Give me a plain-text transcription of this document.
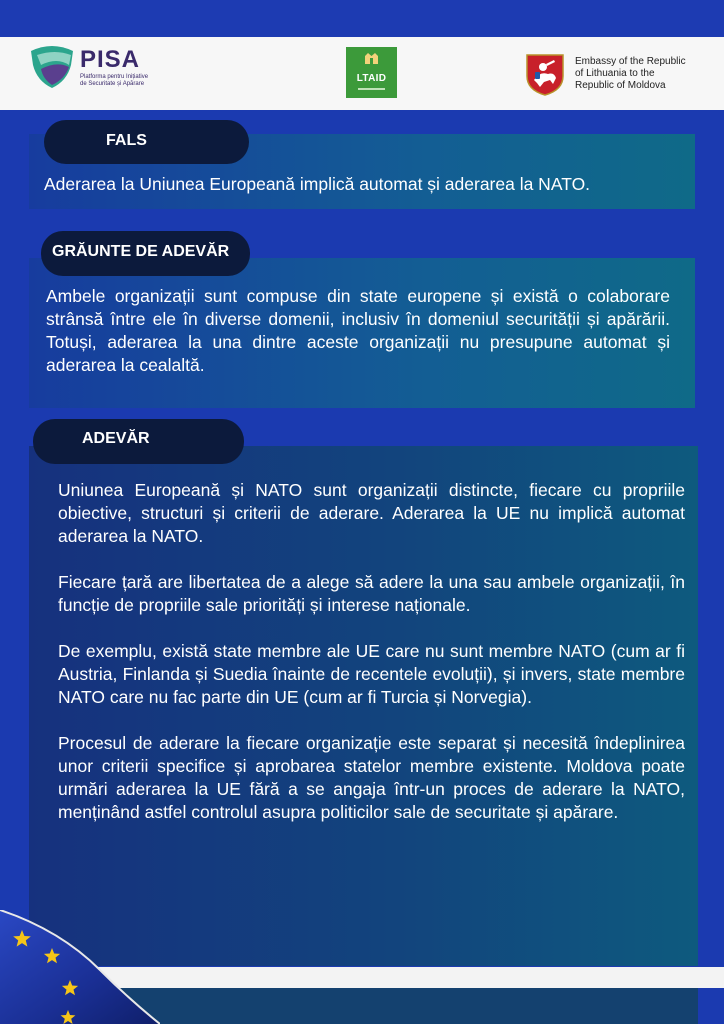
PISA
Platforma pentru Inițiative de Securitate și Apărare	LTAID
Embassy of the Republic
of Lithuania to the
Republic of Moldova
FALS
Aderarea la Uniunea Europeană implică automat și aderarea la NATO.
GRĂUNTE DE ADEVĂR
Ambele organizații sunt compuse din state europene și există o colaborare strânsă între ele în diverse domenii, inclusiv în domeniul securității și apărării. Totuși, aderarea la una dintre aceste organizații nu presupune automat și aderarea la cealaltă.
ADEVĂR

Uniunea Europeană și NATO sunt organizații distincte, fiecare cu propriile obiective, structuri și criterii de aderare. Aderarea la UE nu implică automat aderarea la NATO.

Fiecare țară are libertatea de a alege să adere la una sau ambele organizații, în funcție de propriile sale priorități și interese naționale.

De exemplu, există state membre ale UE care nu sunt membre NATO (cum ar fi Austria, Finlanda și Suedia înainte de recentele evoluții), și invers, state membre NATO care nu fac parte din UE (cum ar fi Turcia și Norvegia).

Procesul de aderare la fiecare organizație este separat și necesită îndeplinirea unor criterii specifice și aprobarea statelor membre existente. Moldova poate urmări aderarea la UE fără a se angaja într-un proces de aderare la NATO, menținând astfel controlul asupra politicilor sale de securitate și apărare.
